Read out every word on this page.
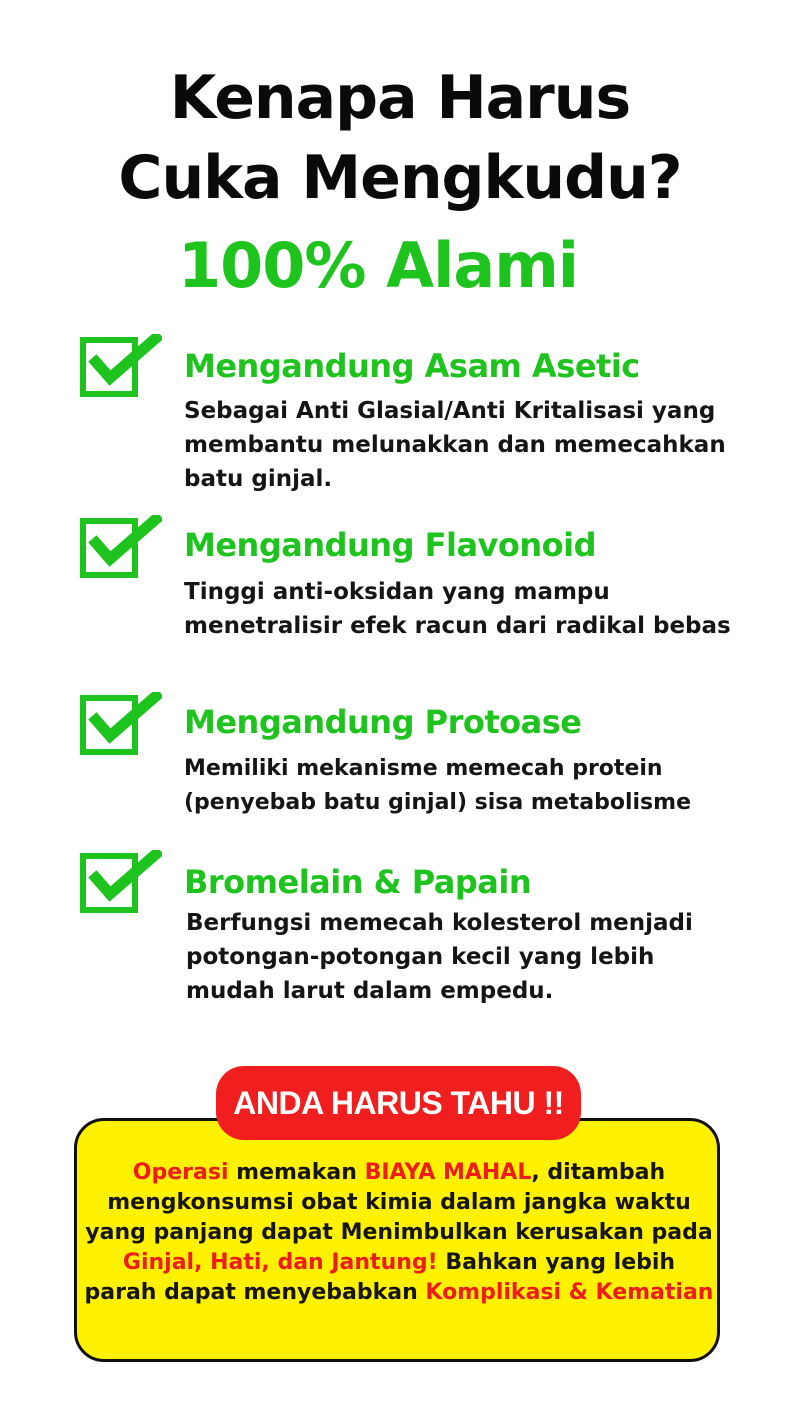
Kenapa Harus
Cuka Mengkudu?
100% Alami
Mengandung Asam Asetic
Sebagai Anti Glasial/Anti Kritalisasi yang membantu melunakkan dan memecahkan batu ginjal.
Mengandung Flavonoid
Tinggi anti-oksidan yang mampu menetralisir efek racun dari radikal bebas
Mengandung Protoase
Memiliki mekanisme memecah protein (penyebab batu ginjal) sisa metabolisme
Bromelain & Papain
Berfungsi memecah kolesterol menjadi potongan-potongan kecil yang lebih mudah larut dalam empedu.
ANDA HARUS TAHU !!
Operasi memakan BIAYA MAHAL, ditambah mengkonsumsi obat kimia dalam jangka waktu yang panjang dapat Menimbulkan kerusakan pada Ginjal, Hati, dan Jantung! Bahkan yang lebih parah dapat menyebabkan Komplikasi & Kematian
